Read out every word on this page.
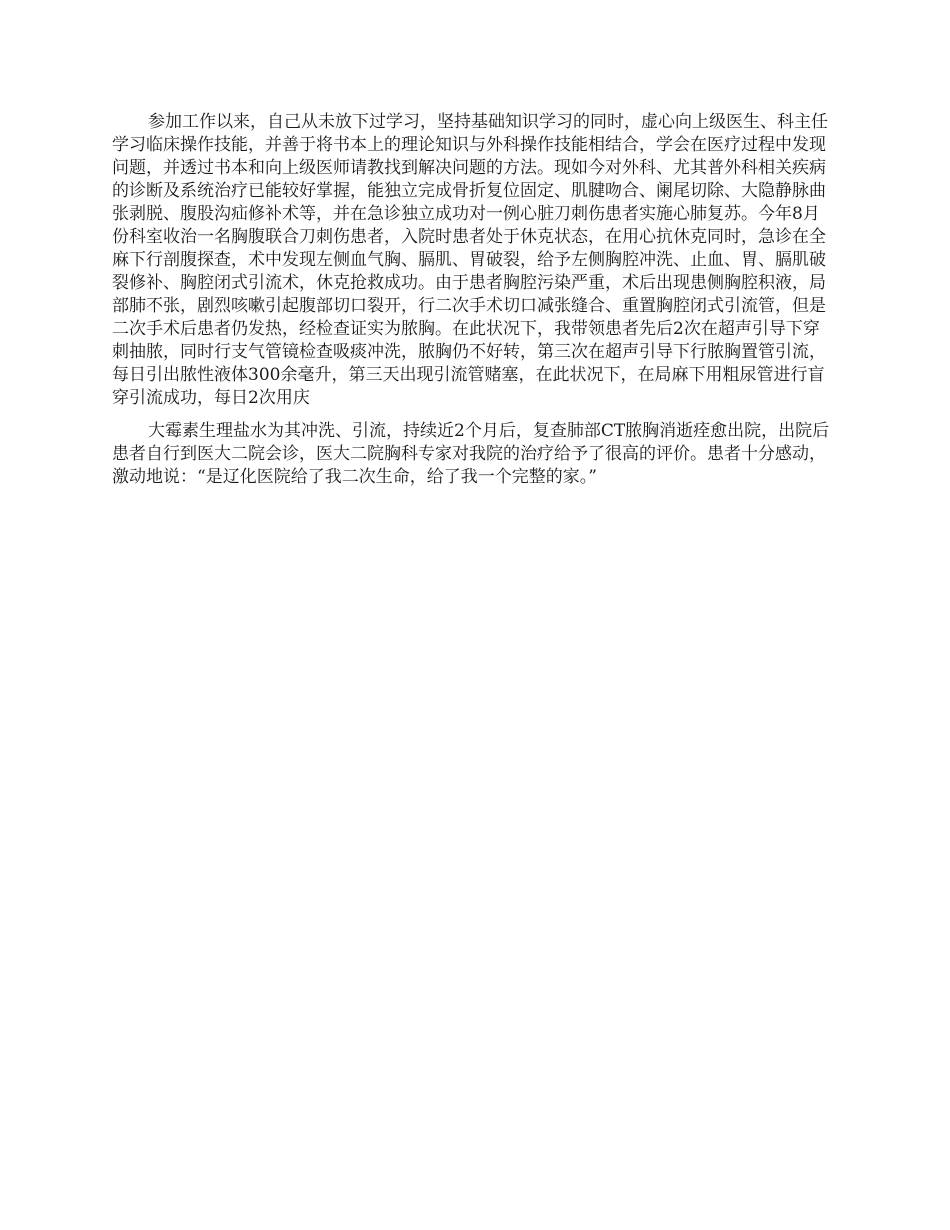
参加工作以来，自己从未放下过学习，坚持基础知识学习的同时，虚心向上级医生、科主任学习临床操作技能，并善于将书本上的理论知识与外科操作技能相结合，学会在医疗过程中发现问题，并透过书本和向上级医师请教找到解决问题的方法。现如今对外科、尤其普外科相关疾病的诊断及系统治疗已能较好掌握，能独立完成骨折复位固定、肌腱吻合、阑尾切除、大隐静脉曲张剥脱、腹股沟疝修补术等，并在急诊独立成功对一例心脏刀刺伤患者实施心肺复苏。今年8月份科室收治一名胸腹联合刀刺伤患者，入院时患者处于休克状态，在用心抗休克同时，急诊在全麻下行剖腹探查，术中发现左侧血气胸、膈肌、胃破裂，给予左侧胸腔冲洗、止血、胃、膈肌破裂修补、胸腔闭式引流术，休克抢救成功。由于患者胸腔污染严重，术后出现患侧胸腔积液，局部肺不张，剧烈咳嗽引起腹部切口裂开，行二次手术切口减张缝合、重置胸腔闭式引流管，但是二次手术后患者仍发热，经检查证实为脓胸。在此状况下，我带领患者先后2次在超声引导下穿刺抽脓，同时行支气管镜检查吸痰冲洗，脓胸仍不好转，第三次在超声引导下行脓胸置管引流，每日引出脓性液体300余毫升，第三天出现引流管赌塞，在此状况下，在局麻下用粗尿管进行盲穿引流成功，每日2次用庆

大霉素生理盐水为其冲洗、引流，持续近2个月后，复查肺部CT脓胸消逝痊愈出院，出院后患者自行到医大二院会诊，医大二院胸科专家对我院的治疗给予了很高的评价。患者十分感动，激动地说：“是辽化医院给了我二次生命，给了我一个完整的家。”
